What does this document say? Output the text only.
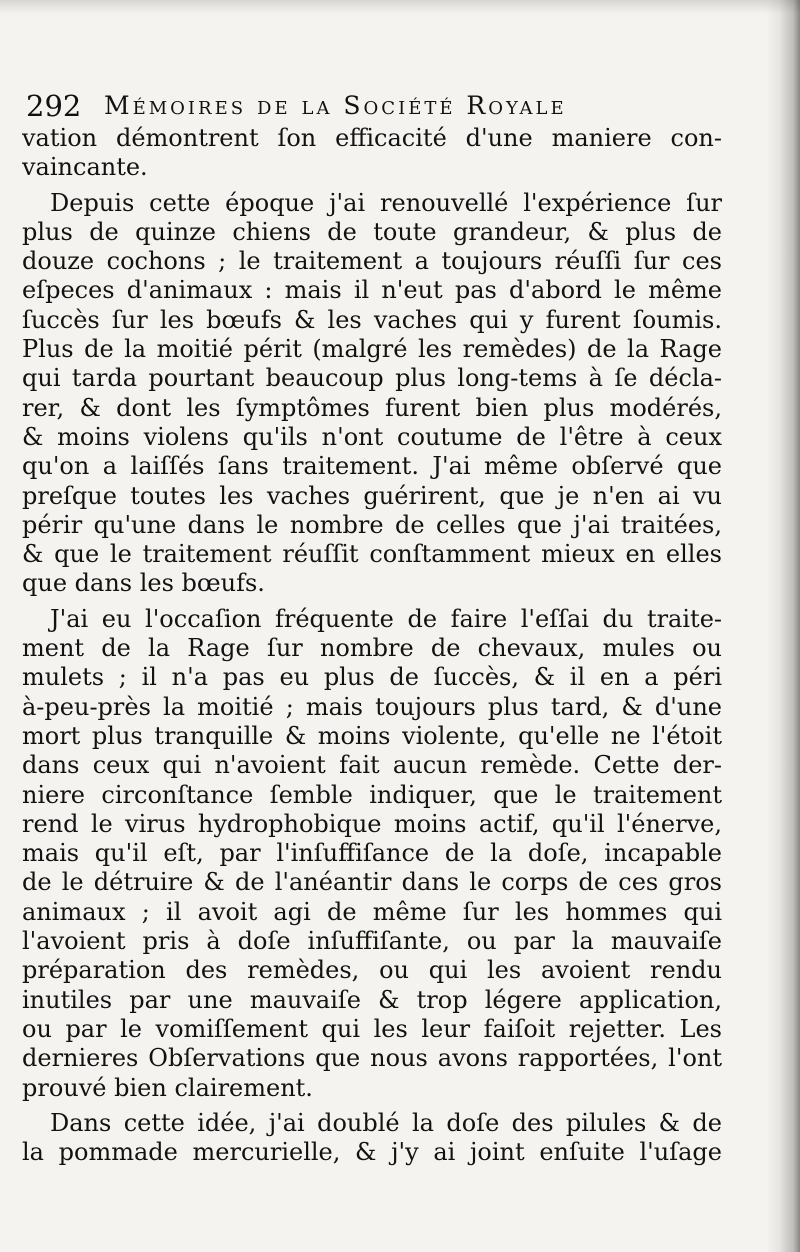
292 Mémoires de la Société Royale
vation démontrent ſon efficacité d'une maniere con-
vaincante.
Depuis cette époque j'ai renouvellé l'expérience ſur
plus de quinze chiens de toute grandeur, & plus de
douze cochons ; le traitement a toujours réuſſi ſur ces
eſpeces d'animaux : mais il n'eut pas d'abord le même
ſuccès ſur les bœufs & les vaches qui y furent ſoumis.
Plus de la moitié périt (malgré les remèdes) de la Rage
qui tarda pourtant beaucoup plus long-tems à ſe décla-
rer, & dont les ſymptômes furent bien plus modérés,
& moins violens qu'ils n'ont coutume de l'être à ceux
qu'on a laiſſés ſans traitement. J'ai même obſervé que
preſque toutes les vaches guérirent, que je n'en ai vu
périr qu'une dans le nombre de celles que j'ai traitées,
& que le traitement réuſſit conſtamment mieux en elles
que dans les bœufs.
J'ai eu l'occaſion fréquente de faire l'eſſai du traite-
ment de la Rage ſur nombre de chevaux, mules ou
mulets ; il n'a pas eu plus de ſuccès, & il en a péri
à-peu-près la moitié ; mais toujours plus tard, & d'une
mort plus tranquille & moins violente, qu'elle ne l'étoit
dans ceux qui n'avoient fait aucun remède. Cette der-
niere circonſtance ſemble indiquer, que le traitement
rend le virus hydrophobique moins actif, qu'il l'énerve,
mais qu'il eſt, par l'inſuffiſance de la doſe, incapable
de le détruire & de l'anéantir dans le corps de ces gros
animaux ; il avoit agi de même ſur les hommes qui
l'avoient pris à doſe inſuffiſante, ou par la mauvaiſe
préparation des remèdes, ou qui les avoient rendu
inutiles par une mauvaiſe & trop légere application,
ou par le vomiſſement qui les leur faiſoit rejetter. Les
dernieres Obſervations que nous avons rapportées, l'ont
prouvé bien clairement.
Dans cette idée, j'ai doublé la doſe des pilules & de
la pommade mercurielle, & j'y ai joint enſuite l'uſage
